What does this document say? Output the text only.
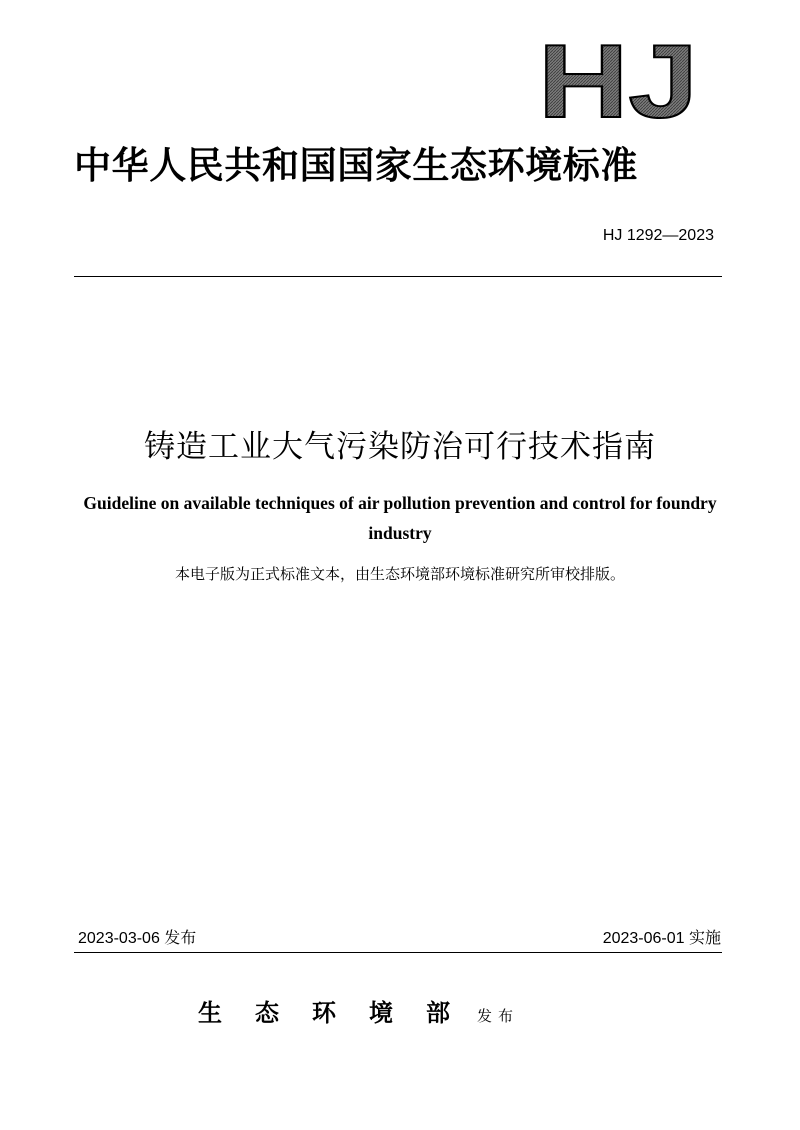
HJ
中华人民共和国国家生态环境标准
HJ 1292—2023
铸造工业大气污染防治可行技术指南
Guideline on available techniques of air pollution prevention and control for foundry industry
本电子版为正式标准文本，由生态环境部环境标准研究所审校排版。
2023-03-06 发布	2023-06-01 实施
生态环境部
发布
